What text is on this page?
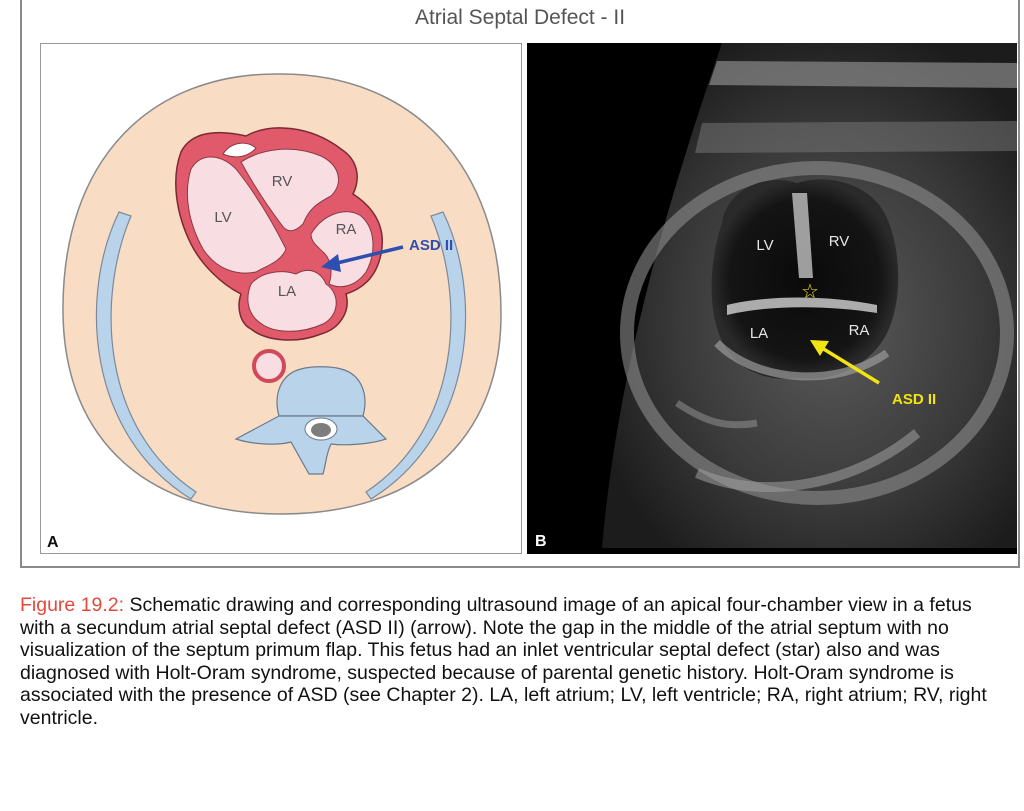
Atrial Septal Defect - II
RV
LV
RA
LA
ASD II
A
LV	RV
LA	RA
☆
ASD II
B
Figure 19.2: Schematic drawing and corresponding ultrasound image of an apical four-chamber view in a fetus with a secundum atrial septal defect (ASD II) (arrow). Note the gap in the middle of the atrial septum with no visualization of the septum primum flap. This fetus had an inlet ventricular septal defect (star) also and was diagnosed with Holt-Oram syndrome, suspected because of parental genetic history. Holt-Oram syndrome is associated with the presence of ASD (see Chapter 2). LA, left atrium; LV, left ventricle; RA, right atrium; RV, right ventricle.
